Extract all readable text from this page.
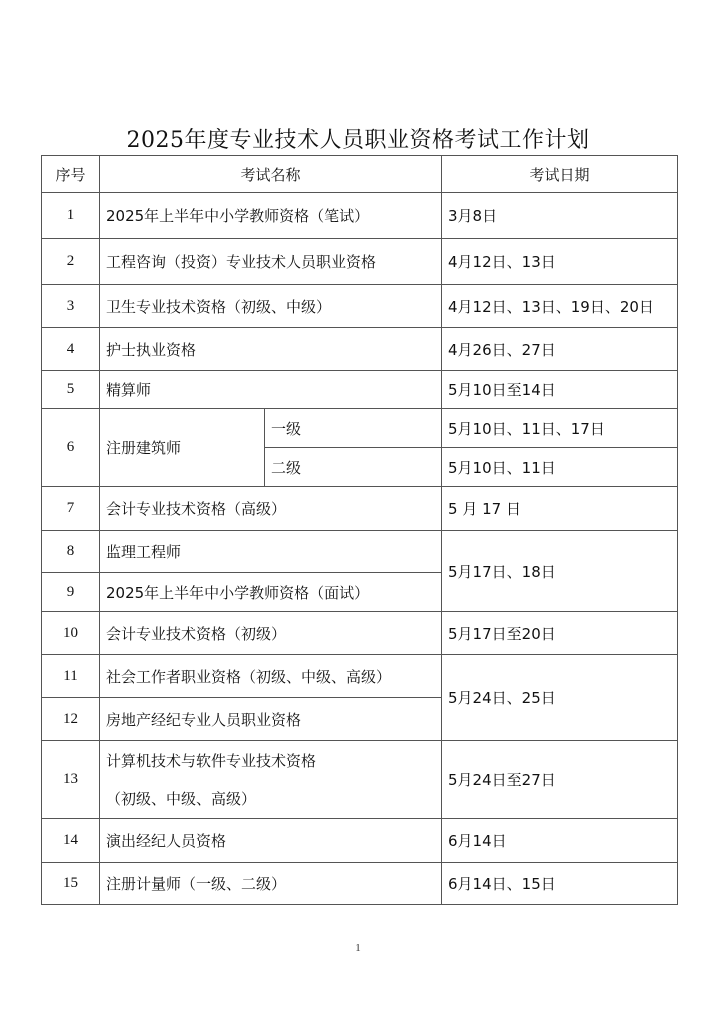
2025年度专业技术人员职业资格考试工作计划
序号	考试名称		考试日期
1	2025年上半年中小学教师资格（笔试）		3月8日
2	工程咨询（投资）专业技术人员职业资格		4月12日、13日
3	卫生专业技术资格（初级、中级）		4月12日、13日、19日、20日
4	护士执业资格		4月26日、27日
5	精算师		5月10日至14日
6	注册建筑师	一级	5月10日、11日、17日
		二级	5月10日、11日
7	会计专业技术资格（高级）		5 月 17 日
8	监理工程师		5月17日、18日
9	2025年上半年中小学教师资格（面试）		
10	会计专业技术资格（初级）		5月17日至20日
11	社会工作者职业资格（初级、中级、高级）		5月24日、25日
12	房地产经纪专业人员职业资格		
13	计算机技术与软件专业技术资格
（初级、中级、高级）		5月24日至27日
14	演出经纪人员资格		6月14日
15	注册计量师（一级、二级）		6月14日、15日
1
